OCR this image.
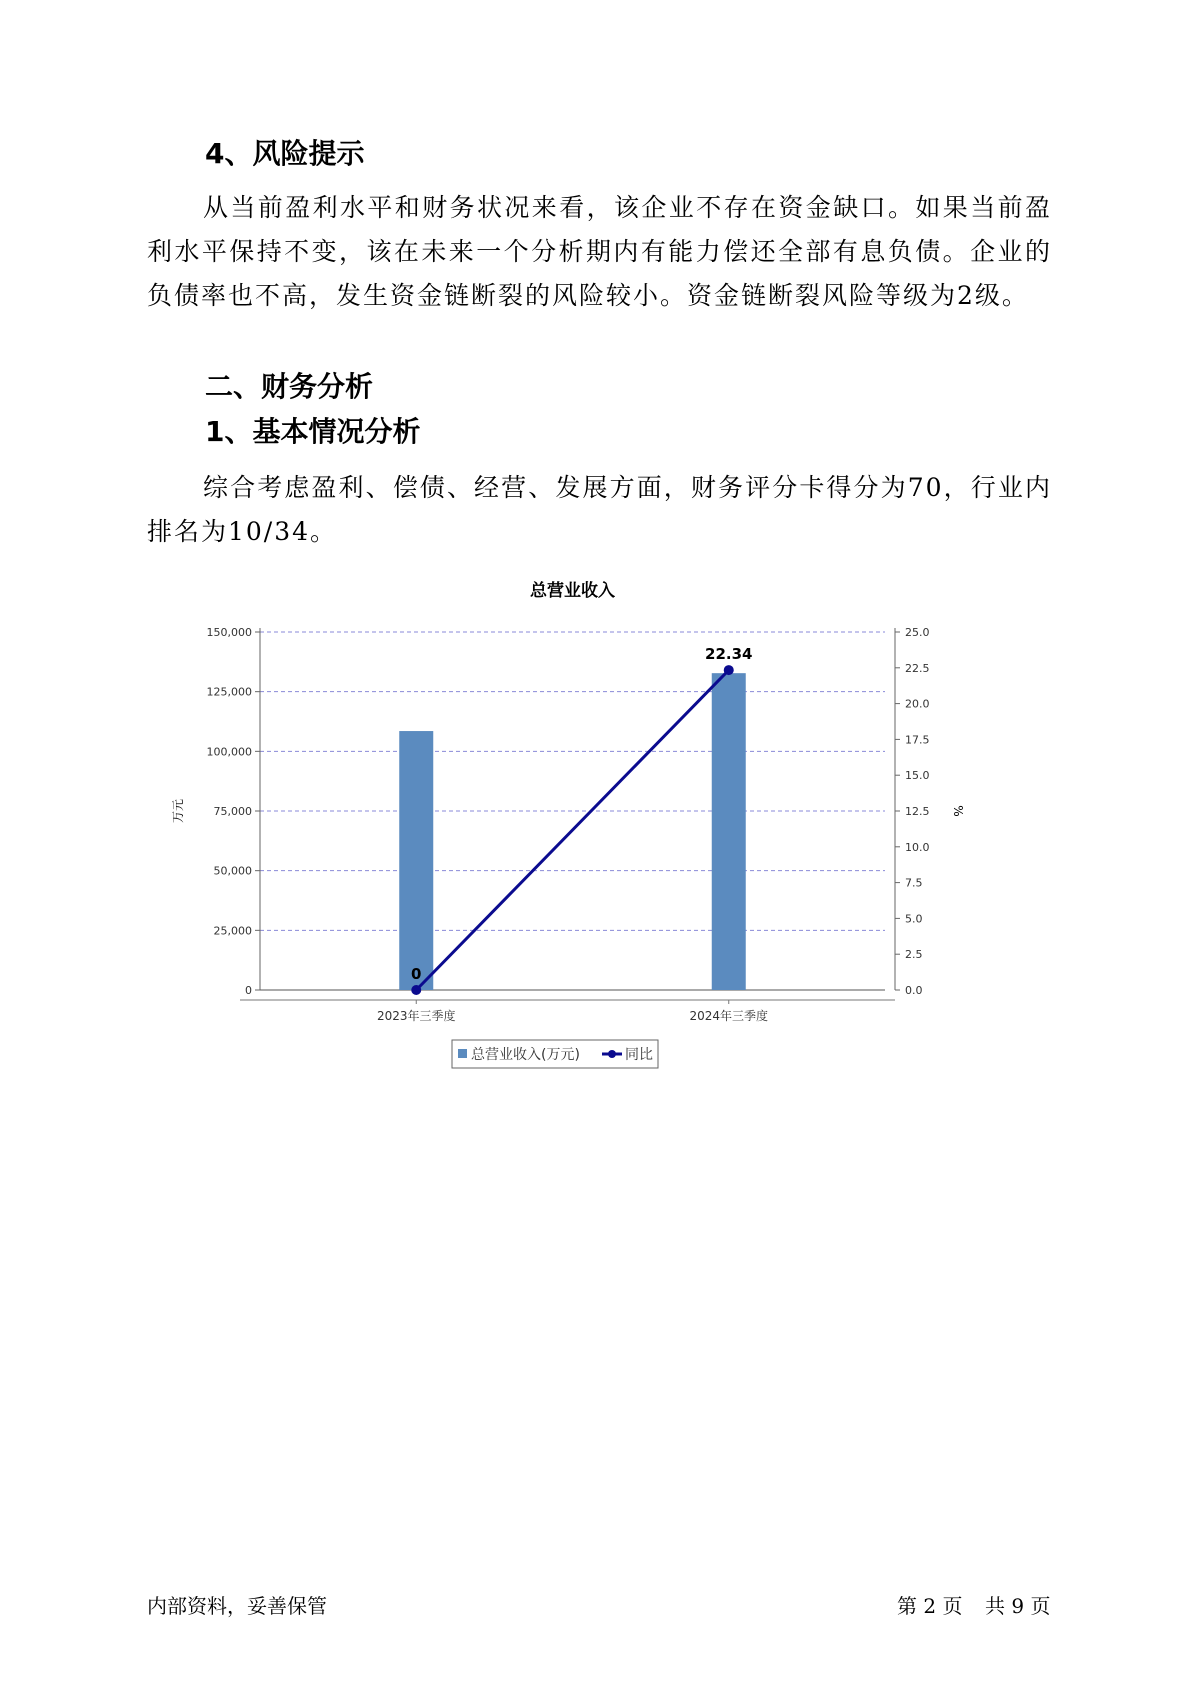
4、风险提示

从当前盈利水平和财务状况来看，该企业不存在资金缺口。如果当前盈利水平保持不变，该在未来一个分析期内有能力偿还全部有息负债。企业的负债率也不高，发生资金链断裂的风险较小。资金链断裂风险等级为2级。

二、财务分析
1、基本情况分析

综合考虑盈利、偿债、经营、发展方面，财务评分卡得分为70，行业内排名为10/34。

总营业收入
0
25,000
50,000
75,000
100,000
125,000
150,000
0.0
2.5
5.0
7.5
10.0
12.5
15.0
17.5
20.0
22.5
25.0
万元	%
2023年三季度	2024年三季度
0
22.34
总营业收入(万元)	同比
内部资料，妥善保管	第 2 页 共 9 页
